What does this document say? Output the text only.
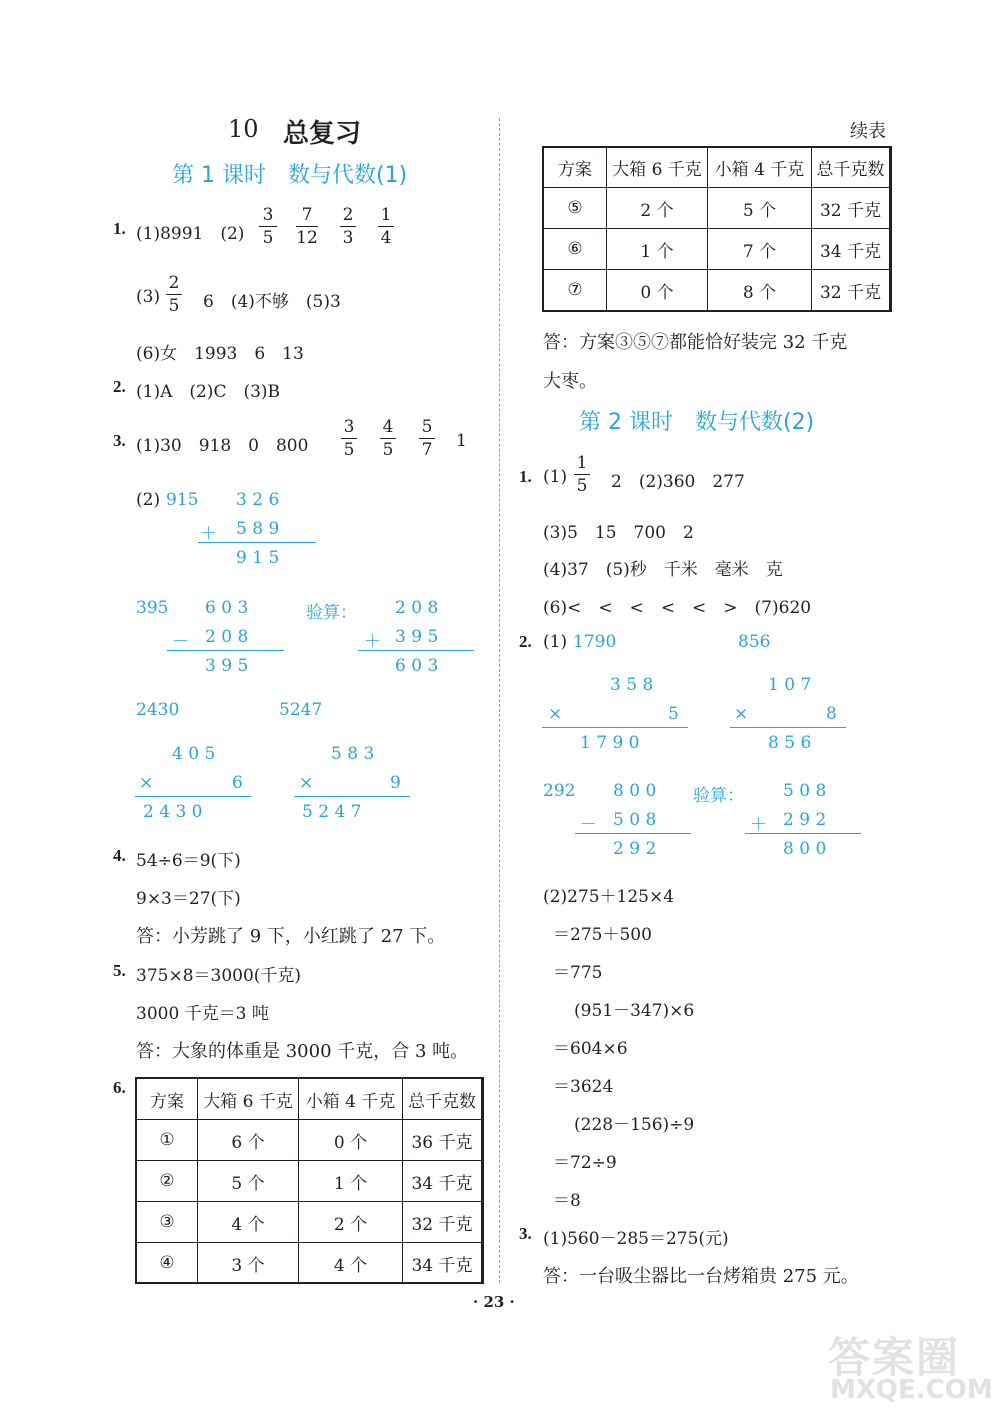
10 总复习
第 1 课时　数与代数(1)
1. (1)8991　(2)
3
5
7
12
2
3
1
4
(3)
2
5 6　(4)不够　(5)3
(6)女　1993　6　13
2. (1)A　(2)C　(3)B
3. (1)30　918　0　800
3
5
4
5
5
7 1
(2) 915 3 2 6
＋ 5 8 9
9 1 5
395 6 0 3
－ 2 0 8
3 9 5
验算： 2 0 8
＋ 3 9 5
6 0 3
2430	5247
4 0 5
×	6
2 4 3 0
5 8 3
×	9
5 2 4 7
4. 54÷6＝9(下)
9×3＝27(下)
答：小芳跳了 9 下，小红跳了 27 下。
5. 375×8＝3000(千克)
3000 千克＝3 吨
答：大象的体重是 3000 千克，合 3 吨。
6.
方案	大箱 6 千克	小箱 4 千克	总千克数
①	6 个	0 个	36 千克
②	5 个	1 个	34 千克
③	4 个	2 个	32 千克
④	3 个	4 个	34 千克
续表
方案	大箱 6 千克	小箱 4 千克	总千克数
⑤	2 个	5 个	32 千克
⑥	1 个	7 个	34 千克
⑦	0 个	8 个	32 千克
答：方案③⑤⑦都能恰好装完 32 千克
大枣。
第 2 课时　数与代数(2)
1. (1)
1
5 2　(2)360　277
(3)5　15　700　2
(4)37　(5)秒　千米　毫米　克
(6)<　<　<　<　<　>　(7)620
2. (1) 1790	856
3 5 8
×	5
1 7 9 0
1 0 7
×	8
8 5 6
292 8 0 0
－ 5 0 8
2 9 2
验算： 5 0 8
＋ 2 9 2
8 0 0
(2)275＋125×4
＝275＋500
＝775
(951－347)×6
＝604×6
＝3624
(228－156)÷9
＝72÷9
＝8
3. (1)560－285＝275(元)
答：一台吸尘器比一台烤箱贵 275 元。
· 23 ·
答案圈
MXQE.COM
